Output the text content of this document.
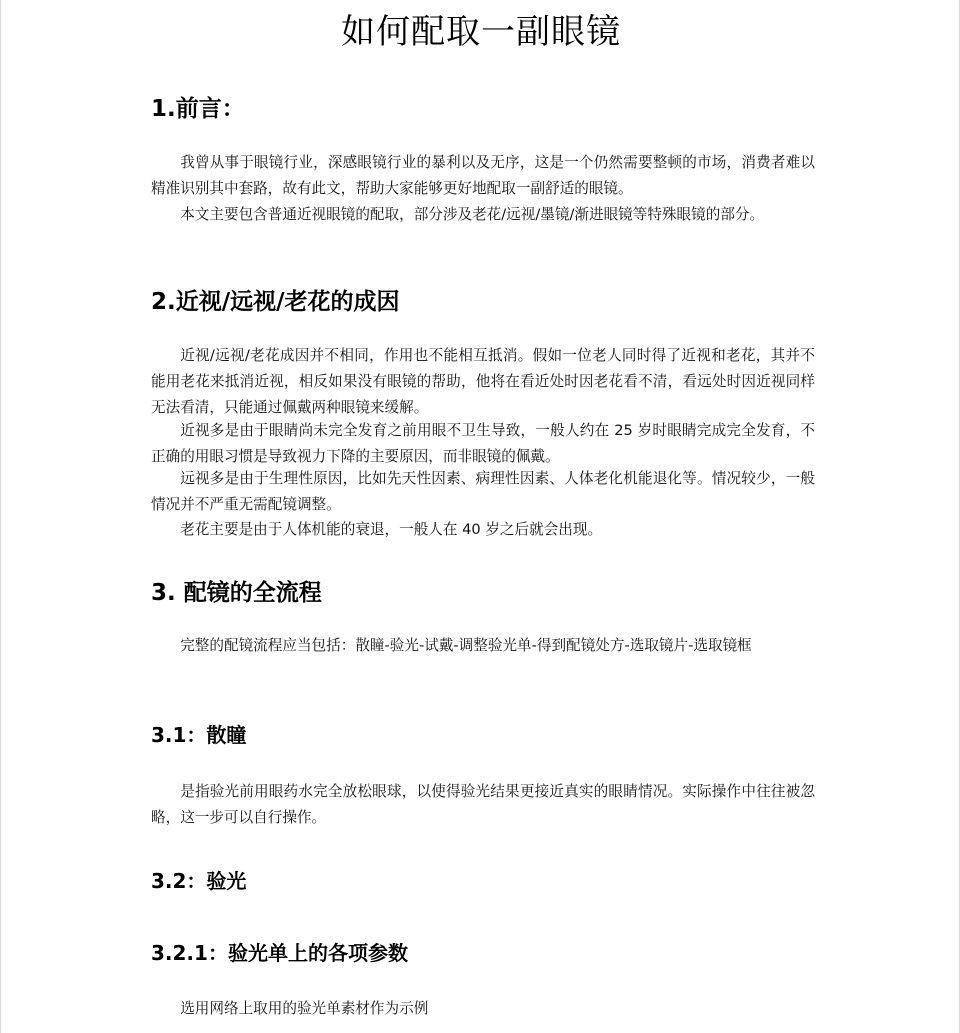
如何配取一副眼镜
1.前言：

我曾从事于眼镜行业，深感眼镜行业的暴利以及无序，这是一个仍然需要整顿的市场，消费者难以精准识别其中套路，故有此文，帮助大家能够更好地配取一副舒适的眼镜。

本文主要包含普通近视眼镜的配取，部分涉及老花/远视/墨镜/渐进眼镜等特殊眼镜的部分。

2.近视/远视/老花的成因

近视/远视/老花成因并不相同，作用也不能相互抵消。假如一位老人同时得了近视和老花，其并不能用老花来抵消近视，相反如果没有眼镜的帮助，他将在看近处时因老花看不清，看远处时因近视同样无法看清，只能通过佩戴两种眼镜来缓解。

近视多是由于眼睛尚未完全发育之前用眼不卫生导致，一般人约在 25 岁时眼睛完成完全发育，不正确的用眼习惯是导致视力下降的主要原因，而非眼镜的佩戴。

远视多是由于生理性原因，比如先天性因素、病理性因素、人体老化机能退化等。情况较少，一般情况并不严重无需配镜调整。

老花主要是由于人体机能的衰退，一般人在 40 岁之后就会出现。

3. 配镜的全流程

完整的配镜流程应当包括：散瞳-验光-试戴-调整验光单-得到配镜处方-选取镜片-选取镜框

3.1：散瞳

是指验光前用眼药水完全放松眼球，以使得验光结果更接近真实的眼睛情况。实际操作中往往被忽略，这一步可以自行操作。

3.2：验光
3.2.1：验光单上的各项参数

选用网络上取用的验光单素材作为示例
